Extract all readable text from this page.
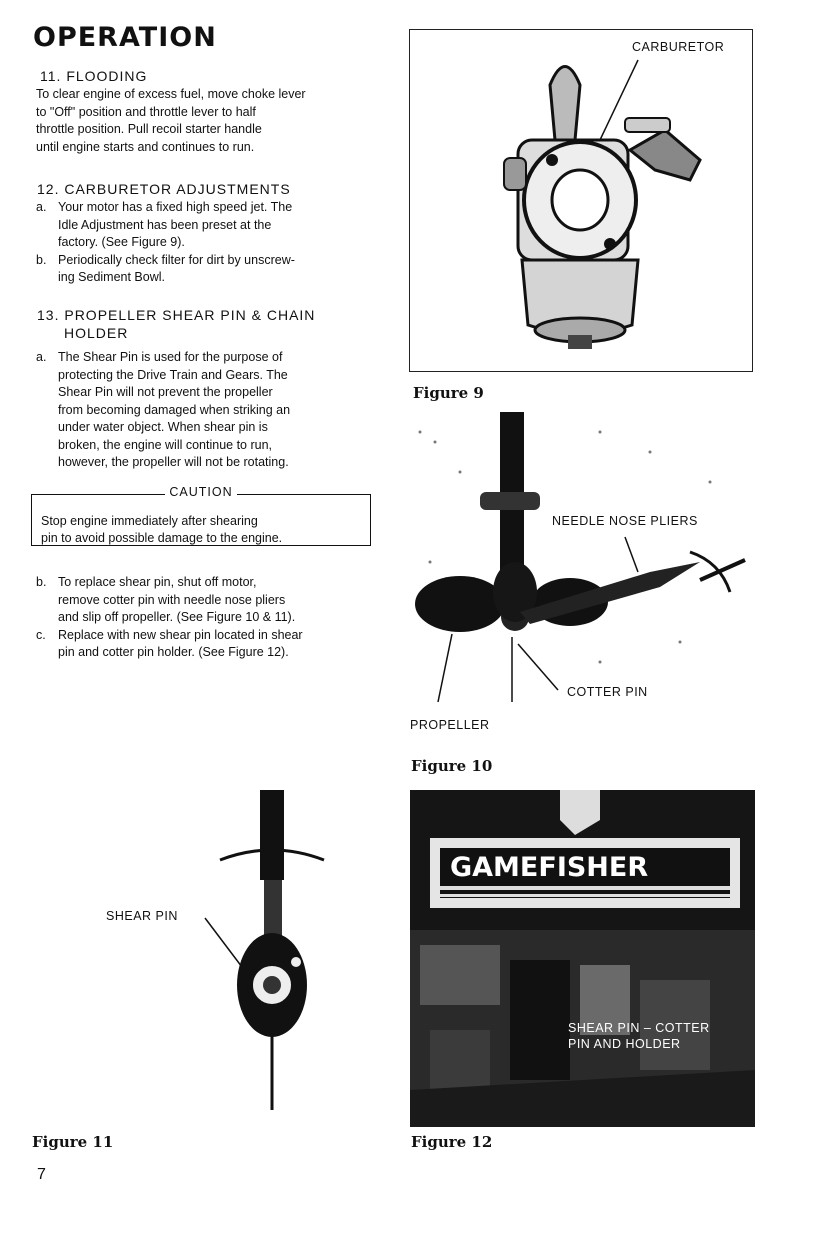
OPERATION
11. FLOODING
To clear engine of excess fuel, move choke lever
to "Off" position and throttle lever to half
throttle position. Pull recoil starter handle
until engine starts and continues to run.
12. CARBURETOR ADJUSTMENTS
a. Your motor has a fixed high speed jet. The
Idle Adjustment has been preset at the
factory. (See Figure 9).
b. Periodically check filter for dirt by unscrew-
ing Sediment Bowl.
13. PROPELLER SHEAR PIN & CHAIN
HOLDER
a. The Shear Pin is used for the purpose of
protecting the Drive Train and Gears. The
Shear Pin will not prevent the propeller
from becoming damaged when striking an
under water object. When shear pin is
broken, the engine will continue to run,
however, the propeller will not be rotating.
CAUTION
Stop engine immediately after shearing
pin to avoid possible damage to the engine.
b. To replace shear pin, shut off motor,
remove cotter pin with needle nose pliers
and slip off propeller. (See Figure 10 & 11).
c. Replace with new shear pin located in shear
pin and cotter pin holder. (See Figure 12).
CARBURETOR
Figure 9
NEEDLE NOSE PLIERS
COTTER PIN
PROPELLER
Figure 10
SHEAR PIN
Figure 11
GAMEFISHER
SHEAR PIN – COTTER
PIN AND HOLDER
Figure 12
7
